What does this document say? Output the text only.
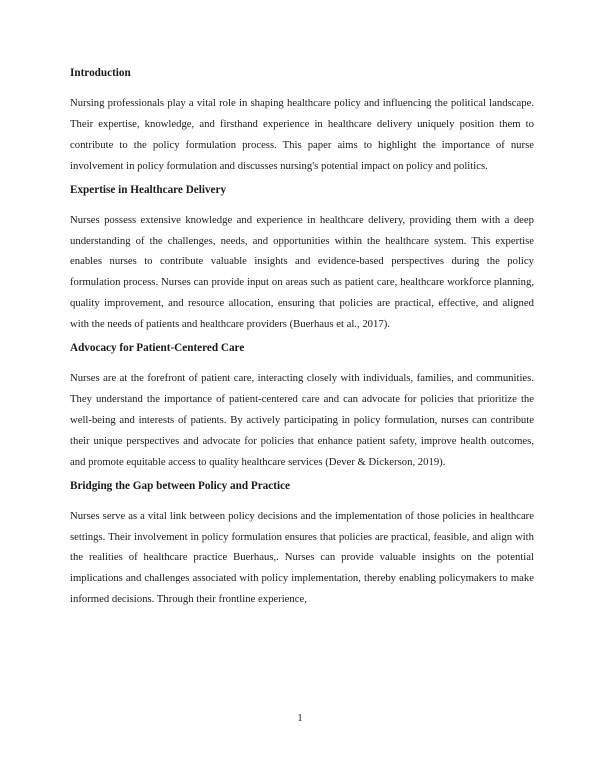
Introduction

Nursing professionals play a vital role in shaping healthcare policy and influencing the political landscape. Their expertise, knowledge, and firsthand experience in healthcare delivery uniquely position them to contribute to the policy formulation process. This paper aims to highlight the importance of nurse involvement in policy formulation and discusses nursing's potential impact on policy and politics.

Expertise in Healthcare Delivery

Nurses possess extensive knowledge and experience in healthcare delivery, providing them with a deep understanding of the challenges, needs, and opportunities within the healthcare system. This expertise enables nurses to contribute valuable insights and evidence-based perspectives during the policy formulation process. Nurses can provide input on areas such as patient care, healthcare workforce planning, quality improvement, and resource allocation, ensuring that policies are practical, effective, and aligned with the needs of patients and healthcare providers (Buerhaus et al., 2017).

Advocacy for Patient-Centered Care

Nurses are at the forefront of patient care, interacting closely with individuals, families, and communities. They understand the importance of patient-centered care and can advocate for policies that prioritize the well-being and interests of patients. By actively participating in policy formulation, nurses can contribute their unique perspectives and advocate for policies that enhance patient safety, improve health outcomes, and promote equitable access to quality healthcare services (Dever & Dickerson, 2019).

Bridging the Gap between Policy and Practice

Nurses serve as a vital link between policy decisions and the implementation of those policies in healthcare settings. Their involvement in policy formulation ensures that policies are practical, feasible, and align with the realities of healthcare practice Buerhaus,. Nurses can provide valuable insights on the potential implications and challenges associated with policy implementation, thereby enabling policymakers to make informed decisions. Through their frontline experience,

1
